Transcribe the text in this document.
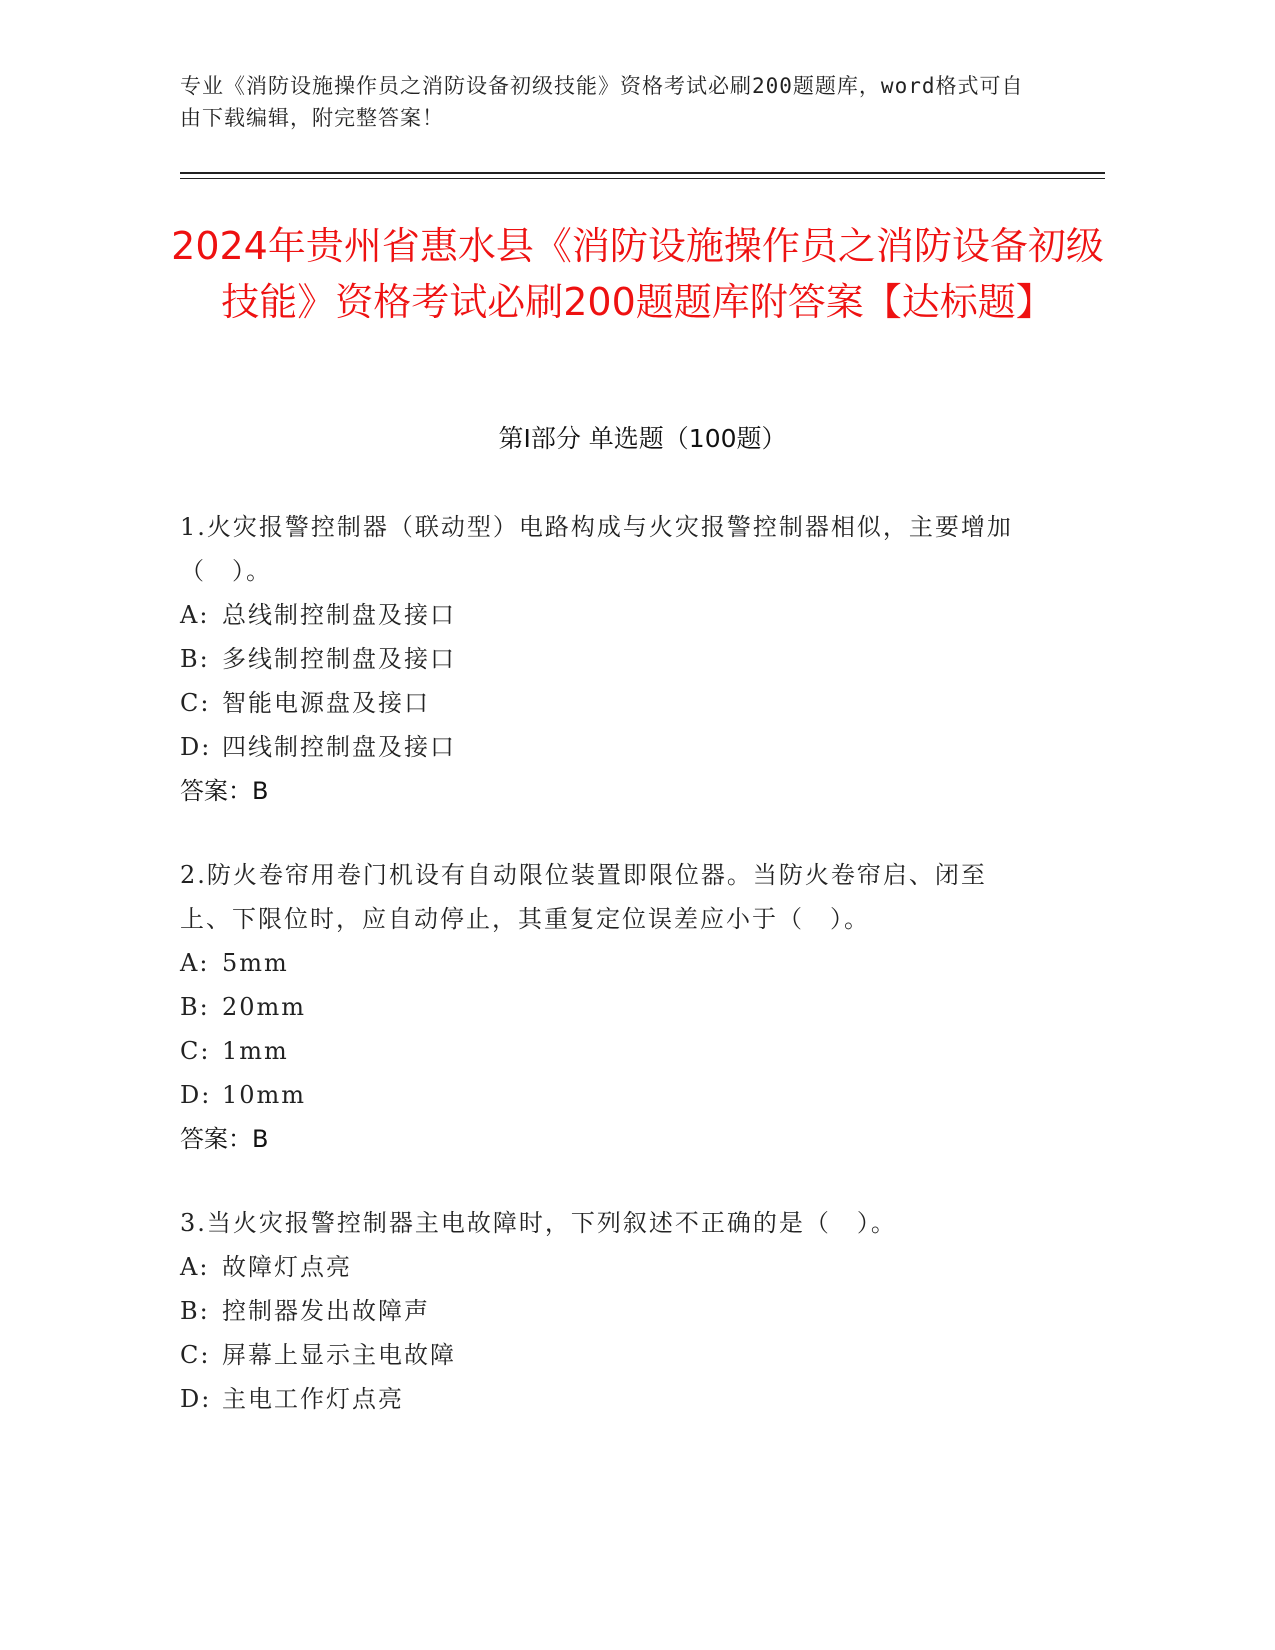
专业《消防设施操作员之消防设备初级技能》资格考试必刷200题题库，word格式可自由下载编辑，附完整答案！
2024年贵州省惠水县《消防设施操作员之消防设备初级技能》资格考试必刷200题题库附答案【达标题】
第I部分 单选题（100题）
1.火灾报警控制器（联动型）电路构成与火灾报警控制器相似，主要增加（　）。
A: 总线制控制盘及接口
B: 多线制控制盘及接口
C: 智能电源盘及接口
D: 四线制控制盘及接口
答案：B
2.防火卷帘用卷门机设有自动限位装置即限位器。当防火卷帘启、闭至上、下限位时，应自动停止，其重复定位误差应小于（　）。
A: 5mm
B: 20mm
C: 1mm
D: 10mm
答案：B
3.当火灾报警控制器主电故障时，下列叙述不正确的是（　）。
A: 故障灯点亮
B: 控制器发出故障声
C: 屏幕上显示主电故障
D: 主电工作灯点亮
